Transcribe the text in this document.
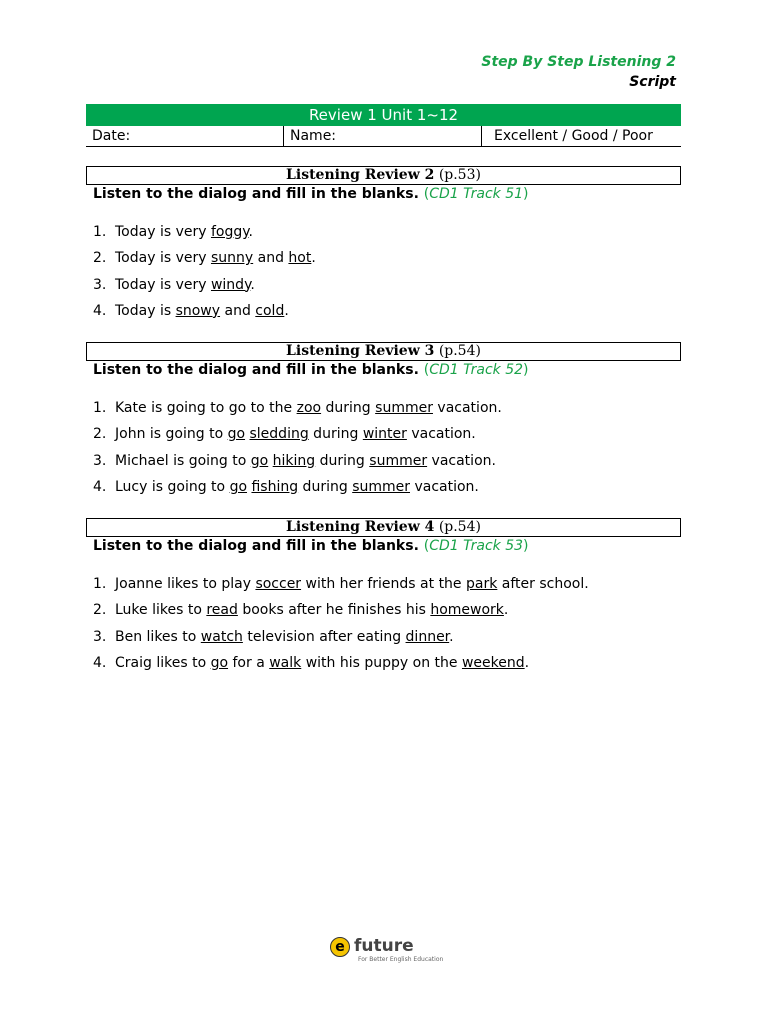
Step By Step Listening 2
Script
Review 1 Unit 1~12
Date:	Name:	Excellent / Good / Poor
Listening Review 2 (p.53)
Listen to the dialog and fill in the blanks. (CD1 Track 51)
1. Today is very foggy.
2. Today is very sunny and hot.
3. Today is very windy.
4. Today is snowy and cold.
Listening Review 3 (p.54)
Listen to the dialog and fill in the blanks. (CD1 Track 52)
1. Kate is going to go to the zoo during summer vacation.
2. John is going to go sledding during winter vacation.
3. Michael is going to go hiking during summer vacation.
4. Lucy is going to go fishing during summer vacation.
Listening Review 4 (p.54)
Listen to the dialog and fill in the blanks. (CD1 Track 53)
1. Joanne likes to play soccer with her friends at the park after school.
2. Luke likes to read books after he finishes his homework.
3. Ben likes to watch television after eating dinner.
4. Craig likes to go for a walk with his puppy on the weekend.
e future
For Better English Education
